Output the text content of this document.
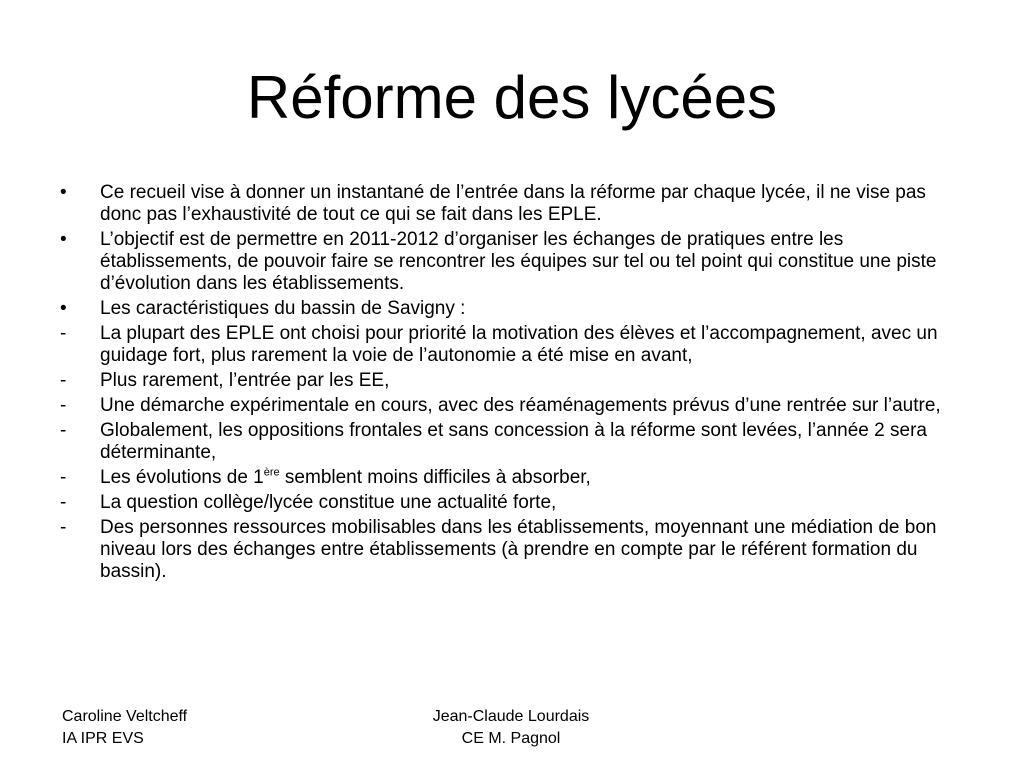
Réforme des lycées
•	Ce recueil vise à donner un instantané de l’entrée dans la réforme par chaque lycée, il ne vise pas donc pas l’exhaustivité de tout ce qui se fait dans les EPLE.
•	L’objectif est de permettre en 2011-2012 d’organiser les échanges de pratiques entre les établissements, de pouvoir faire se rencontrer les équipes sur tel ou tel point qui constitue une piste d’évolution dans les établissements.
•	Les caractéristiques du bassin de Savigny :
-	La plupart des EPLE ont choisi pour priorité la motivation des élèves et l’accompagnement, avec un guidage fort, plus rarement la voie de l’autonomie a été mise en avant,
-	Plus rarement, l’entrée par les EE,
-	Une démarche expérimentale en cours, avec des réaménagements prévus d’une rentrée sur l’autre,
-	Globalement, les oppositions frontales et sans concession à la réforme sont levées, l’année 2 sera déterminante,
-	Les évolutions de 1ère semblent moins difficiles à absorber,
-	La question collège/lycée constitue une actualité forte,
-	Des personnes ressources mobilisables dans les établissements, moyennant une médiation de bon niveau lors des échanges entre établissements (à prendre en compte par le référent formation du bassin).
Caroline Veltcheff
IA IPR EVS
Jean-Claude Lourdais
CE M. Pagnol
